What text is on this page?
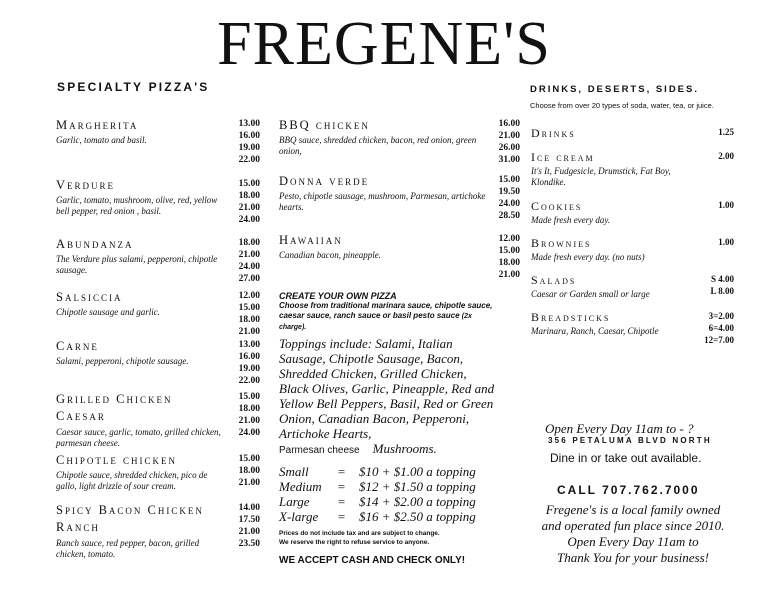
FREGENE'S
SPECIALTY PIZZA'S
Margherita
Garlic, tomato and basil.
13.00
16.00
19.00
22.00
Verdure
Garlic, tomato, mushroom, olive, red, yellow bell pepper, red onion , basil.
15.00
18.00
21.00
24.00
Abundanza
The Verdure plus salami, pepperoni, chipotle sausage.
18.00
21.00
24.00
27.00
Salsiccia
Chipotle sausage and garlic.
12.00
15.00
18.00
21.00
Carne
Salami, pepperoni, chipotle sausage.
13.00
16.00
19.00
22.00
Grilled Chicken Caesar
Caesar sauce, garlic, tomato, grilled chicken, parmesan cheese.
15.00
18.00
21.00
24.00
Chipotle chicken
Chipotle sauce, shredded chicken, pico de gallo, light drizzle of sour cream.
15.00
18.00
21.00
Spicy Bacon Chicken Ranch
Ranch sauce, red pepper, bacon, grilled chicken, tomato.
14.00
17.50
21.00
23.50
BBQ chicken
BBQ sauce, shredded chicken, bacon, red onion, green onion,
16.00
21.00
26.00
31.00
Donna verde
Pesto, chipotle sausage, mushroom, Parmesan, artichoke hearts.
15.00
19.50
24.00
28.50
Hawaiian
Canadian bacon, pineapple.
12.00
15.00
18.00
21.00
CREATE YOUR OWN PIZZA
Choose from traditional marinara sauce, chipotle sauce, caesar sauce, ranch sauce or basil pesto sauce (2x charge).
Toppings include: Salami, Italian Sausage, Chipotle Sausage, Bacon, Shredded Chicken, Grilled Chicken, Black Olives, Garlic, Pineapple, Red and Yellow Bell Peppers, Basil, Red or Green Onion, Canadian Bacon, Pepperoni, Artichoke Hearts,
Parmesan cheese Mushrooms.
Small	=	$10 + $1.00 a topping
Medium	=	$12 + $1.50 a topping
Large	=	$14 + $2.00 a topping
X-large	=	$16 + $2.50 a topping
Prices do not include tax and are subject to change.
We reserve the right to refuse service to anyone.
WE ACCEPT CASH AND CHECK ONLY!
DRINKS, DESERTS, SIDES.
Choose from over 20 types of soda, water, tea, or juice.
Drinks	1.25
Ice cream
It's It, Fudgesicle, Drumstick, Fat Boy, Klondike.
2.00
Cookies
Made fresh every day.
1.00
Brownies
Made fresh every day. (no nuts)
1.00
Salads
Caesar or Garden small or large
S 4.00
L 8.00
Breadsticks
Marinara, Ranch, Caesar, Chipotle
3=2.00
6=4.00
12=7.00
Open Every Day 11am to - ?
356 PETALUMA BLVD NORTH
Dine in or take out available.
CALL 707.762.7000
Fregene's is a local family owned
and operated fun place since 2010.
Open Every Day 11am to
Thank You for your business!
